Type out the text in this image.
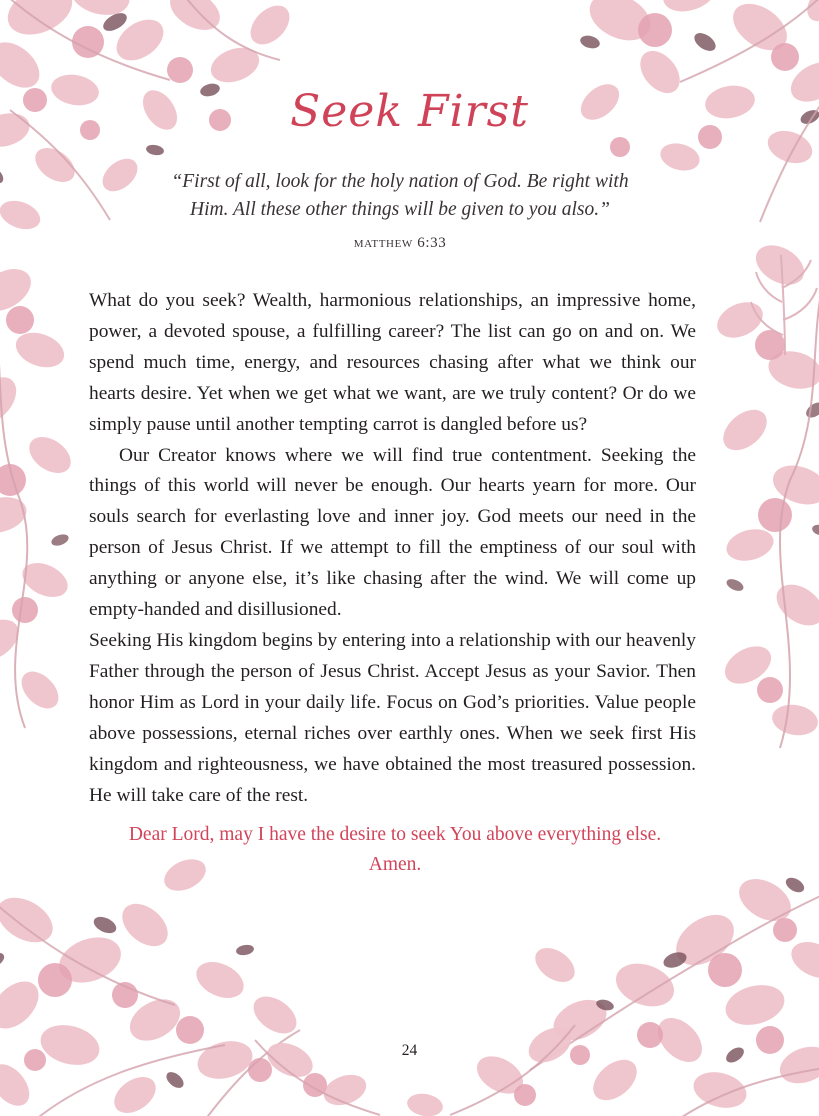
Seek First
“First of all, look for the holy nation of God. Be right with Him. All these other things will be given to you also.”
matthew 6:33

What do you seek? Wealth, harmonious relationships, an impressive home, power, a devoted spouse, a fulfilling career? The list can go on and on. We spend much time, energy, and resources chasing after what we think our hearts desire. Yet when we get what we want, are we truly content? Or do we simply pause until another tempting carrot is dangled before us?

Our Creator knows where we will find true contentment. Seeking the things of this world will never be enough. Our hearts yearn for more. Our souls search for everlasting love and inner joy. God meets our need in the person of Jesus Christ. If we attempt to fill the emptiness of our soul with anything or anyone else, it’s like chasing after the wind. We will come up empty-handed and disillusioned.

Seeking His kingdom begins by entering into a relationship with our heavenly Father through the person of Jesus Christ. Accept Jesus as your Savior. Then honor Him as Lord in your daily life. Focus on God’s priorities. Value people above possessions, eternal riches over earthly ones. When we seek first His kingdom and righteousness, we have obtained the most treasured possession. He will take care of the rest.

Dear Lord, may I have the desire to seek You above everything else. Amen.
24
